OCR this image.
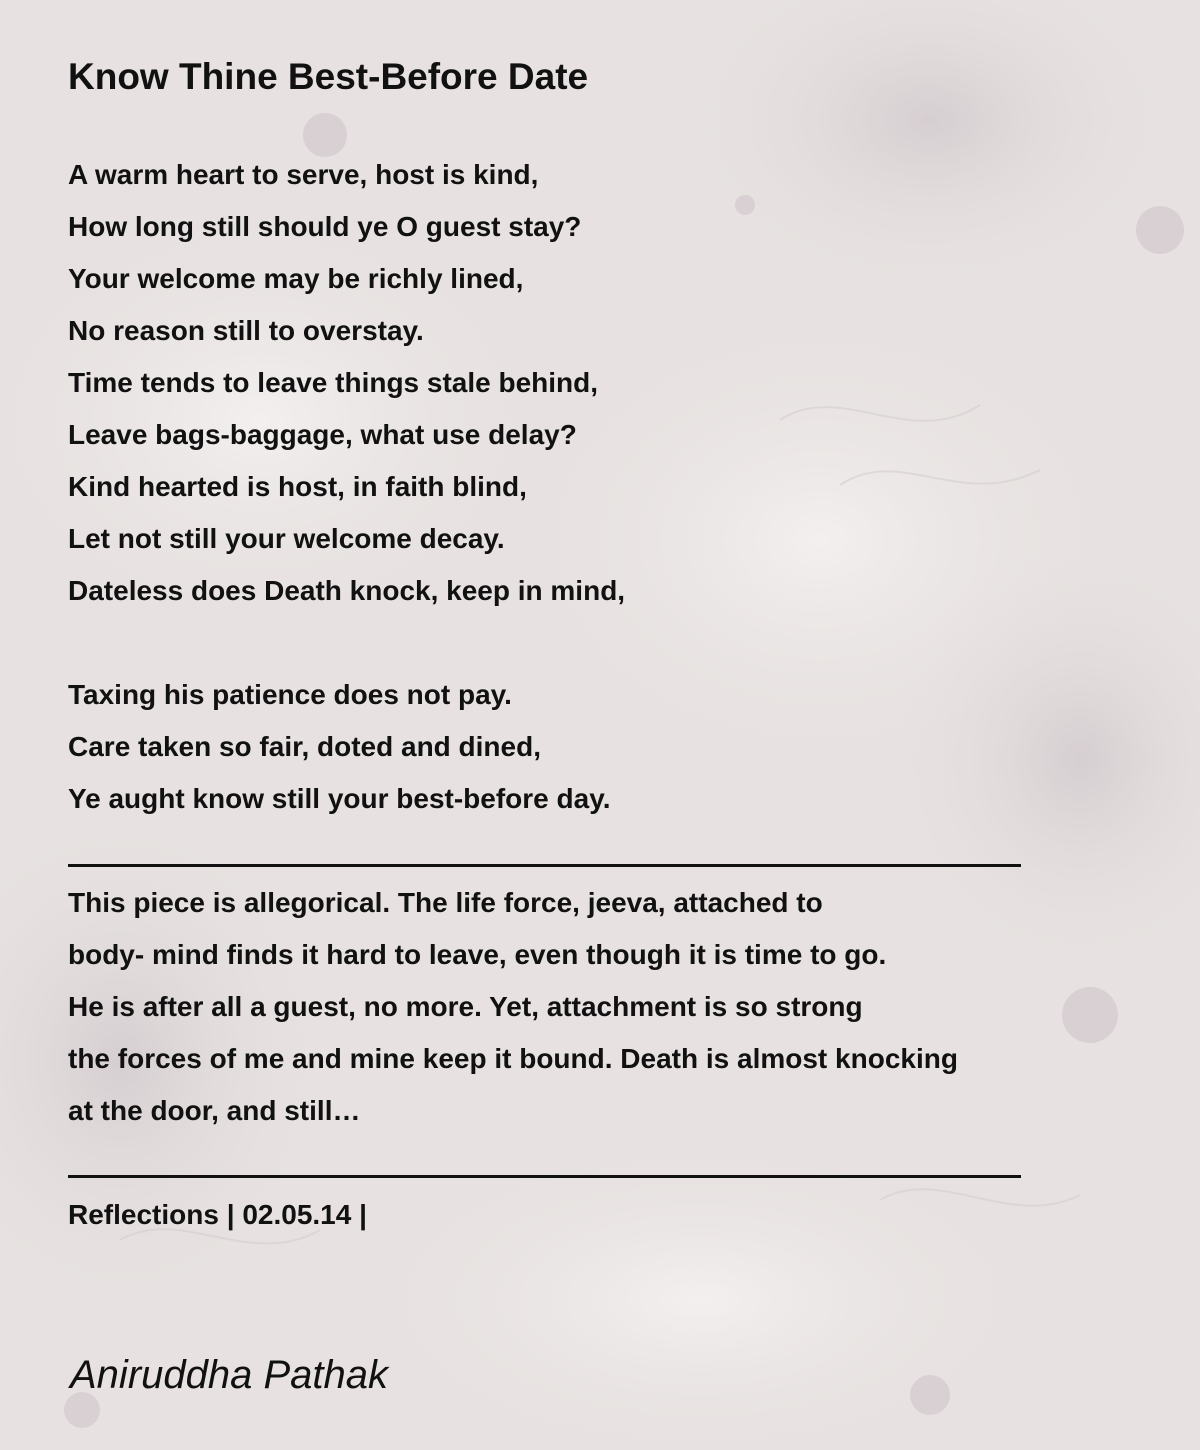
Know Thine Best-Before Date
A warm heart to serve, host is kind,
How long still should ye O guest stay?
Your welcome may be richly lined,
No reason still to overstay.
Time tends to leave things stale behind,
Leave bags-baggage, what use delay?
Kind hearted is host, in faith blind,
Let not still your welcome decay.
Dateless does Death knock, keep in mind,
Taxing his patience does not pay.
Care taken so fair, doted and dined,
Ye aught know still your best-before day.
This piece is allegorical. The life force, jeeva, attached to
body- mind finds it hard to leave, even though it is time to go.
He is after all a guest, no more. Yet, attachment is so strong
the forces of me and mine keep it bound. Death is almost knocking
at the door, and still…
Reflections | 02.05.14 |
Aniruddha Pathak
